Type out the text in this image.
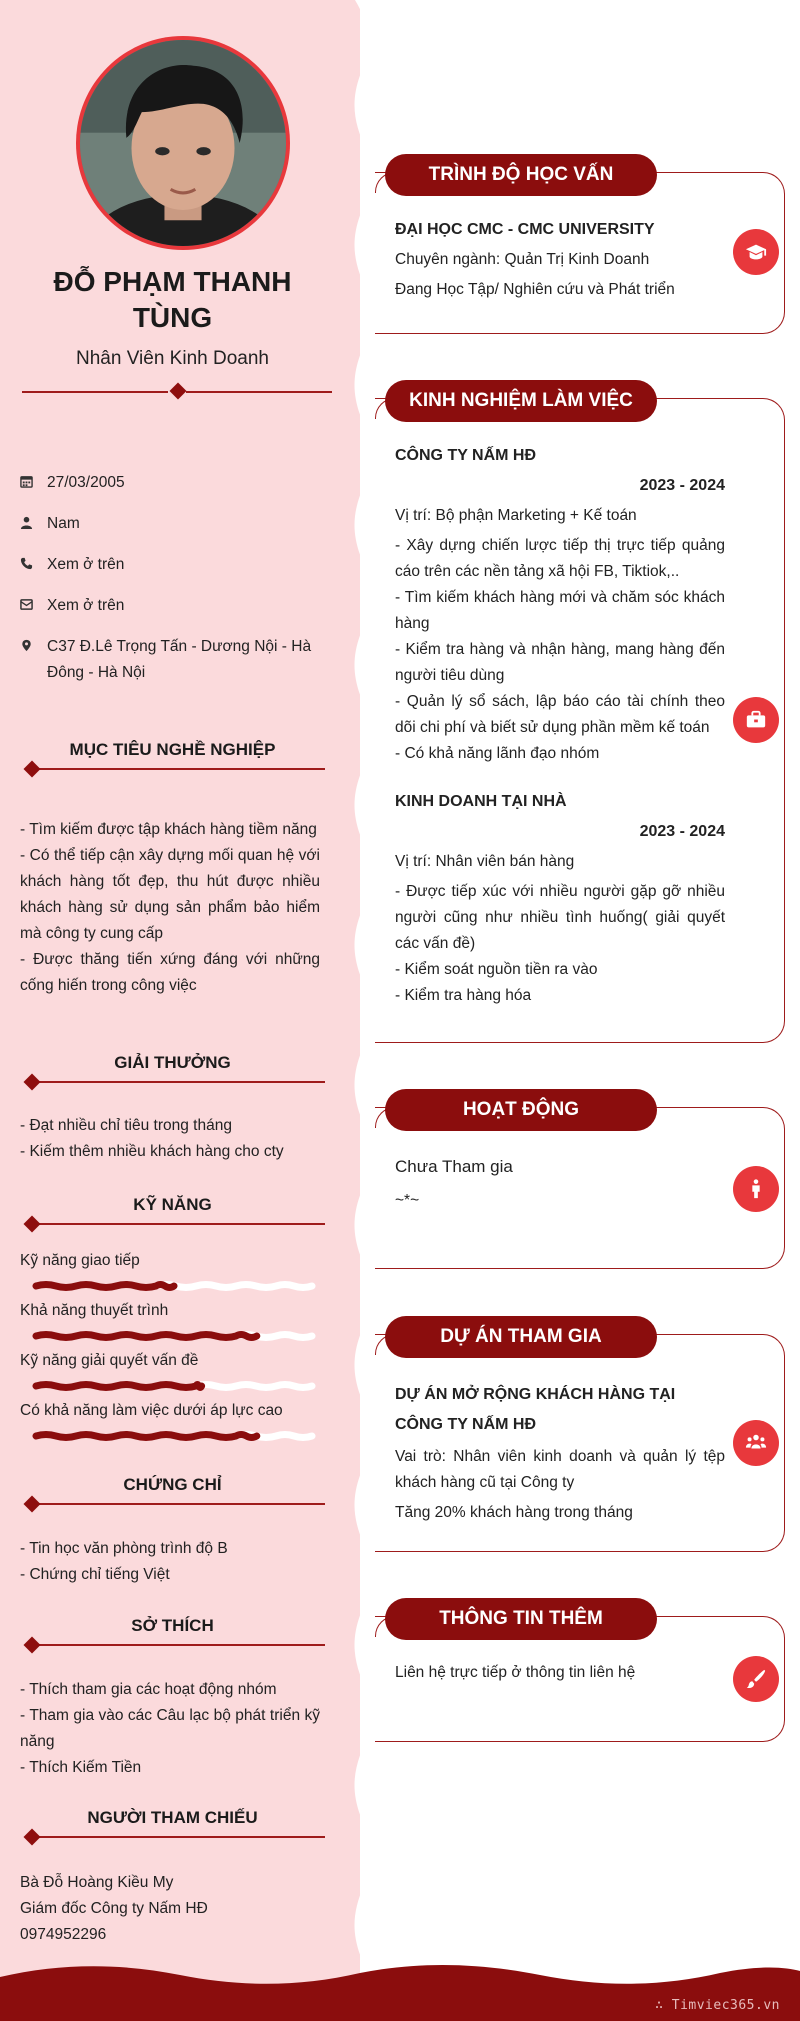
∴ Timviec365.vn
ĐỖ PHẠM THANH TÙNG
Nhân Viên Kinh Doanh
27/03/2005
Nam
Xem ở trên
Xem ở trên
C37 Đ.Lê Trọng Tấn - Dương Nội - Hà Đông - Hà Nội
MỤC TIÊU NGHỀ NGHIỆP
- Tìm kiếm được tập khách hàng tiềm năng
- Có thể tiếp cận xây dựng mối quan hệ với khách hàng tốt đẹp, thu hút được nhiều khách hàng sử dụng sản phẩm bảo hiểm mà công ty cung cấp
- Được thăng tiến xứng đáng với những cống hiến trong công việc
GIẢI THƯỞNG
- Đạt nhiều chỉ tiêu trong tháng
- Kiếm thêm nhiều khách hàng cho cty
KỸ NĂNG
Kỹ năng giao tiếp
Khả năng thuyết trình
Kỹ năng giải quyết vấn đề
Có khả năng làm việc dưới áp lực cao
CHỨNG CHỈ
- Tin học văn phòng trình độ B
- Chứng chỉ tiếng Việt
SỞ THÍCH
- Thích tham gia các hoạt động nhóm
- Tham gia vào các Câu lạc bộ phát triển kỹ năng
- Thích Kiếm Tiền
NGƯỜI THAM CHIẾU
Bà Đỗ Hoàng Kiều My
Giám đốc Công ty Nấm HĐ
0974952296
TRÌNH ĐỘ HỌC VẤN
ĐẠI HỌC CMC - CMC UNIVERSITY
Chuyên ngành: Quản Trị Kinh Doanh
Đang Học Tập/ Nghiên cứu và Phát triển
KINH NGHIỆM LÀM VIỆC
CÔNG TY NẤM HĐ
2023 - 2024
Vị trí: Bộ phận Marketing + Kế toán
- Xây dựng chiến lược tiếp thị trực tiếp quảng cáo trên các nền tảng xã hội FB, Tiktiok,..
- Tìm kiếm khách hàng mới và chăm sóc khách hàng
- Kiểm tra hàng và nhận hàng, mang hàng đến người tiêu dùng
- Quản lý sổ sách, lập báo cáo tài chính theo dõi chi phí và biết sử dụng phần mềm kế toán
- Có khả năng lãnh đạo nhóm
KINH DOANH TẠI NHÀ
2023 - 2024
Vị trí: Nhân viên bán hàng
- Được tiếp xúc với nhiều người gặp gỡ nhiều người cũng như nhiều tình huống( giải quyết các vấn đề)
- Kiểm soát nguồn tiền ra vào
- Kiểm tra hàng hóa
HOẠT ĐỘNG
Chưa Tham gia
~*~
DỰ ÁN THAM GIA
DỰ ÁN MỞ RỘNG KHÁCH HÀNG TẠI CÔNG TY NẤM HĐ
Vai trò: Nhân viên kinh doanh và quản lý tệp khách hàng cũ tại Công ty
Tăng 20% khách hàng trong tháng
THÔNG TIN THÊM
Liên hệ trực tiếp ở thông tin liên hệ
